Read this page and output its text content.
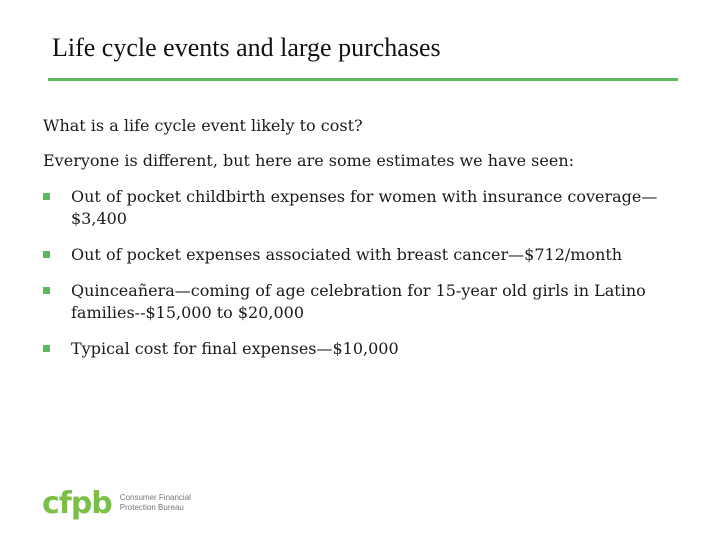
Life cycle events and large purchases

What is a life cycle event likely to cost?

Everyone is different, but here are some estimates we have seen:

Out of pocket childbirth expenses for women with insurance coverage—$3,400
Out of pocket expenses associated with breast cancer—$712/month
Quinceañera—coming of age celebration for 15-year old girls in Latino families--$15,000 to $20,000
Typical cost for final expenses—$10,000
cfpb Consumer Financial
Protection Bureau
